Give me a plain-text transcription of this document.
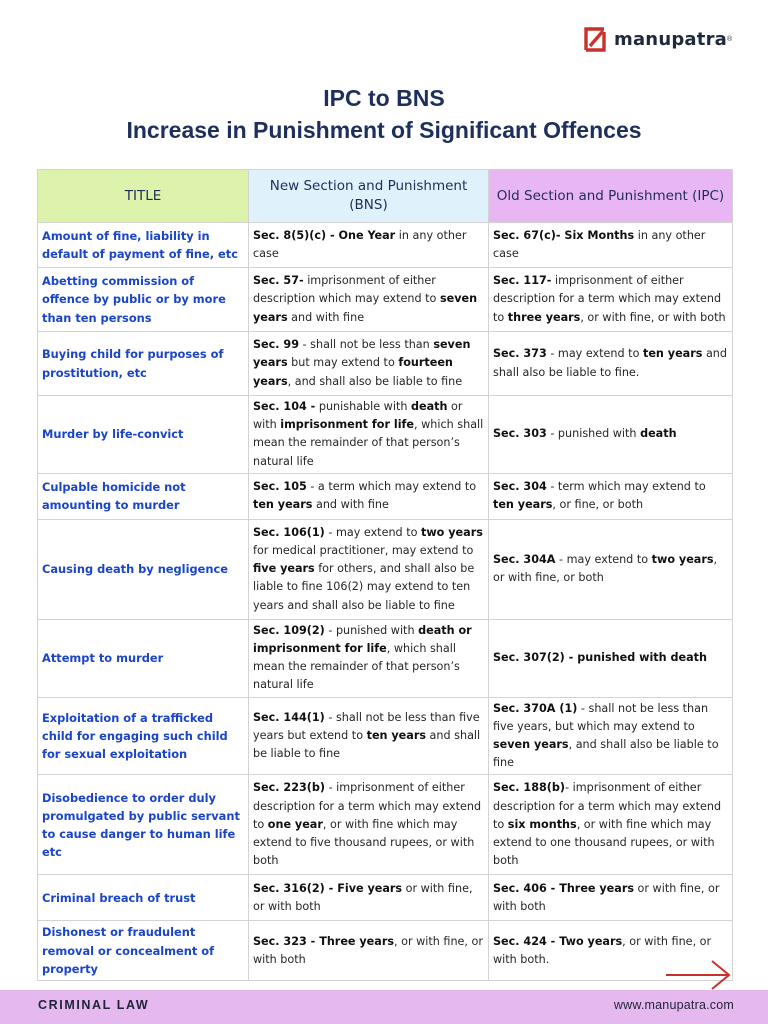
manupatra ®
IPC to BNS
Increase in Punishment of Significant Offences
TITLE	New Section and Punishment (BNS)	Old Section and Punishment (IPC)
Amount of fine, liability in default of payment of fine, etc	Sec. 8(5)(c) - One Year in any other case	Sec. 67(c)- Six Months in any other case
Abetting commission of offence by public or by more than ten persons	Sec. 57- imprisonment of either description which may extend to seven years and with fine	Sec. 117- imprisonment of either description for a term which may extend to three years, or with fine, or with both
Buying child for purposes of prostitution, etc	Sec. 99 - shall not be less than seven years but may extend to fourteen years, and shall also be liable to fine	Sec. 373 - may extend to ten years and shall also be liable to fine.
Murder by life-convict	Sec. 104 - punishable with death or with imprisonment for life, which shall mean the remainder of that person’s natural life	Sec. 303 - punished with death
Culpable homicide not amounting to murder	Sec. 105 - a term which may extend to ten years and with fine	Sec. 304 - term which may extend to ten years, or fine, or both
Causing death by negligence	Sec. 106(1) - may extend to two years for medical practitioner, may extend to five years for others, and shall also be liable to fine 106(2) may extend to ten years and shall also be liable to fine	Sec. 304A - may extend to two years, or with fine, or both
Attempt to murder	Sec. 109(2) - punished with death or imprisonment for life, which shall mean the remainder of that person’s natural life	Sec. 307(2) - punished with death
Exploitation of a trafficked child for engaging such child for sexual exploitation	Sec. 144(1) - shall not be less than five years but extend to ten years and shall be liable to fine	Sec. 370A (1) - shall not be less than five years, but which may extend to seven years, and shall also be liable to fine
Disobedience to order duly promulgated by public servant to cause danger to human life etc	Sec. 223(b) - imprisonment of either description for a term which may extend to one year, or with fine which may extend to five thousand rupees, or with both	Sec. 188(b)- imprisonment of either description for a term which may extend to six months, or with fine which may extend to one thousand rupees, or with both
Criminal breach of trust	Sec. 316(2) - Five years or with fine, or with both	Sec. 406 - Three years or with fine, or with both
Dishonest or fraudulent removal or concealment of property	Sec. 323 - Three years, or with fine, or with both	Sec. 424 - Two years, or with fine, or with both.
CRIMINAL LAW	www.manupatra.com
